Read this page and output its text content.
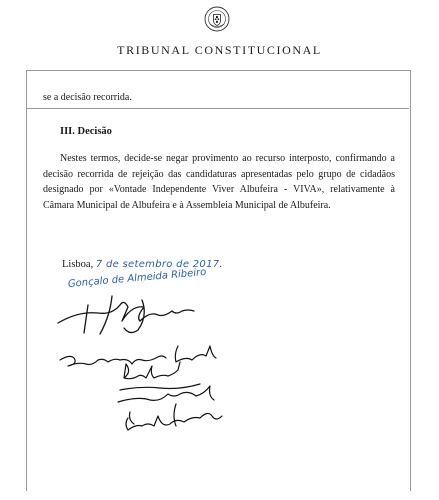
TRIBUNAL CONSTITUCIONAL

se a decisão recorrida.

III. Decisão

Nestes termos, decide-se negar provimento ao recurso interposto, confirmando a decisão recorrida de rejeição das candidaturas apresentadas pelo grupo de cidadãos designado por «Vontade Independente Viver Albufeira - VIVA», relativamente à Câmara Municipal de Albufeira e à Assembleia Municipal de Albufeira.

Lisboa, 7 de setembro de 2017.
Gonçalo de Almeida Ribeiro
